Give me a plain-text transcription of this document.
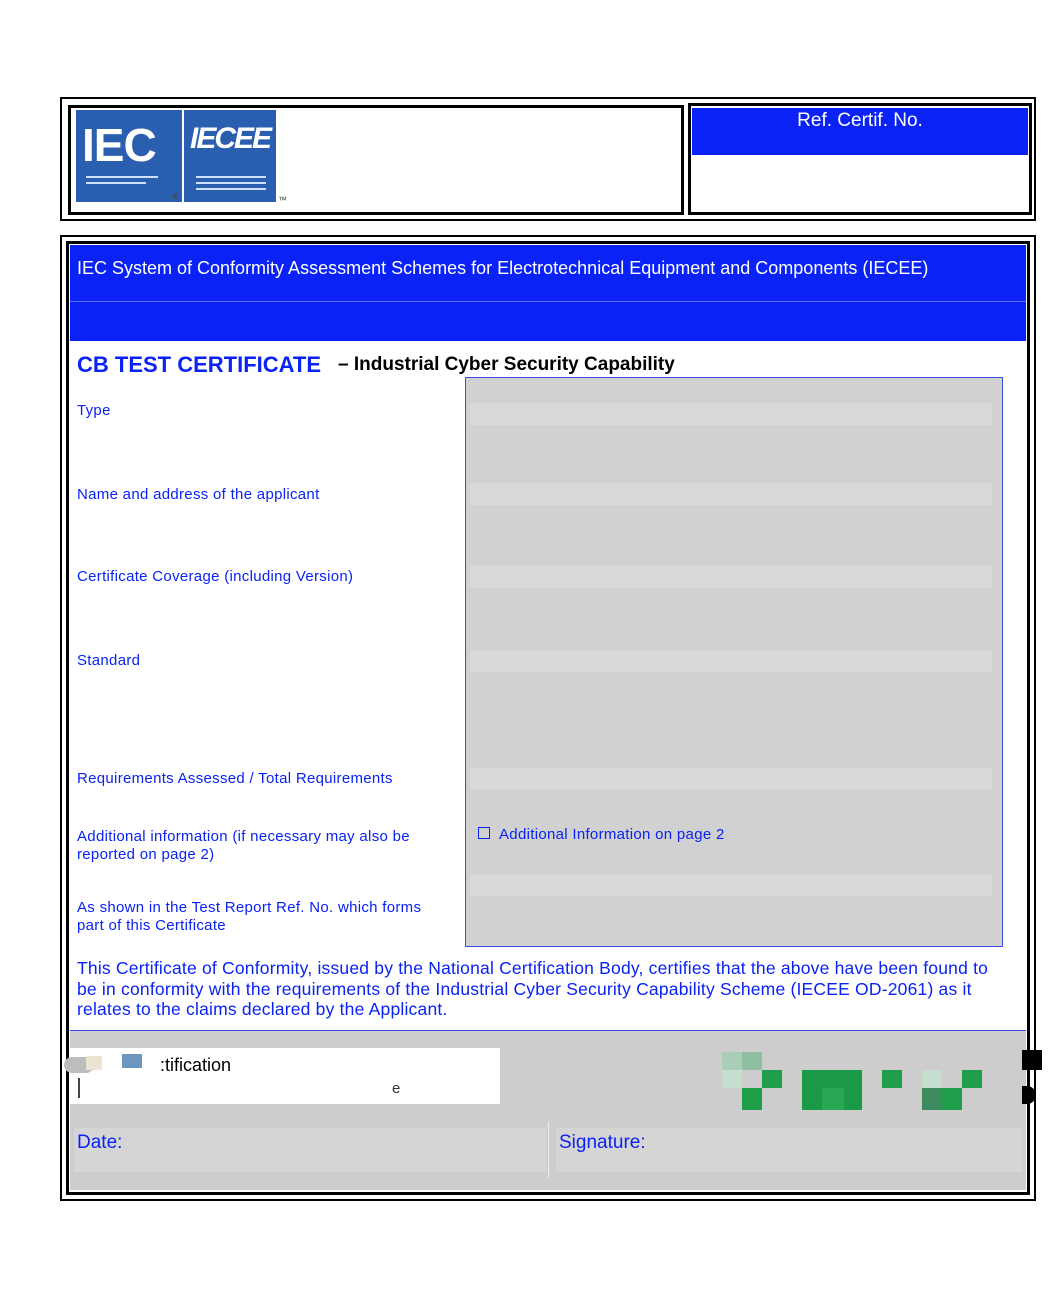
Ref. Certif. No.
IEC
®
IECEE
™
IEC System of Conformity Assessment Schemes for Electrotechnical Equipment and Components (IECEE)
CB TEST CERTIFICATE – Industrial Cyber Security Capability
Type
Name and address of the applicant
Certificate Coverage (including Version)
Standard
Requirements Assessed / Total Requirements
Additional information (if necessary may also be reported on page 2)
As shown in the Test Report Ref. No. which forms part of this Certificate
Additional Information on page 2
This Certificate of Conformity, issued by the National Certification Body, certifies that the above have been found to be in conformity with the requirements of the Industrial Cyber Security Capability Scheme (IECEE OD-2061) as it relates to the claims declared by the Applicant.
:tification
e
Date:	Signature:
